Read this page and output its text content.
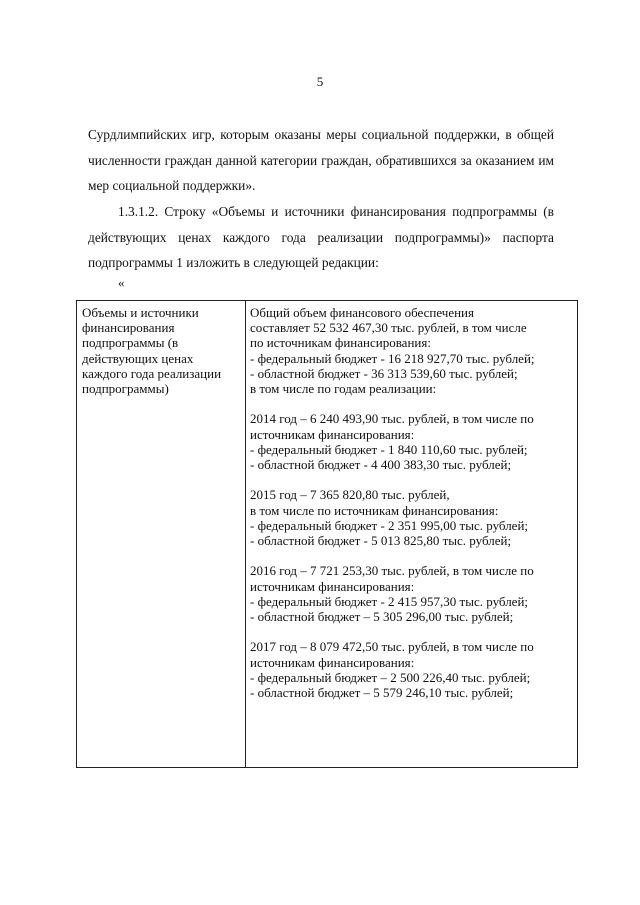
5
Сурдлимпийских игр, которым оказаны меры социальной поддержки, в общей
численности граждан данной категории граждан, обратившихся за оказанием им
мер социальной поддержки».
1.3.1.2. Строку «Объемы и источники финансирования подпрограммы (в
действующих ценах каждого года реализации подпрограммы)» паспорта
подпрограммы 1 изложить в следующей редакции:
«
Объемы и источники
финансирования
подпрограммы (в
действующих ценах
каждого года реализации
подпрограммы)
Общий объем финансового обеспечения
составляет 52 532 467,30 тыс. рублей, в том числе
по источникам финансирования:
- федеральный бюджет - 16 218 927,70 тыс. рублей;
- областной бюджет - 36 313 539,60 тыс. рублей;
в том числе по годам реализации:
2014 год – 6 240 493,90 тыс. рублей, в том числе по
источникам финансирования:
- федеральный бюджет - 1 840 110,60 тыс. рублей;
- областной бюджет - 4 400 383,30 тыс. рублей;
2015 год – 7 365 820,80 тыс. рублей,
в том числе по источникам финансирования:
- федеральный бюджет - 2 351 995,00 тыс. рублей;
- областной бюджет - 5 013 825,80 тыс. рублей;
2016 год – 7 721 253,30 тыс. рублей, в том числе по
источникам финансирования:
- федеральный бюджет - 2 415 957,30 тыс. рублей;
- областной бюджет – 5 305 296,00 тыс. рублей;
2017 год – 8 079 472,50 тыс. рублей, в том числе по
источникам финансирования:
- федеральный бюджет – 2 500 226,40 тыс. рублей;
- областной бюджет – 5 579 246,10 тыс. рублей;
